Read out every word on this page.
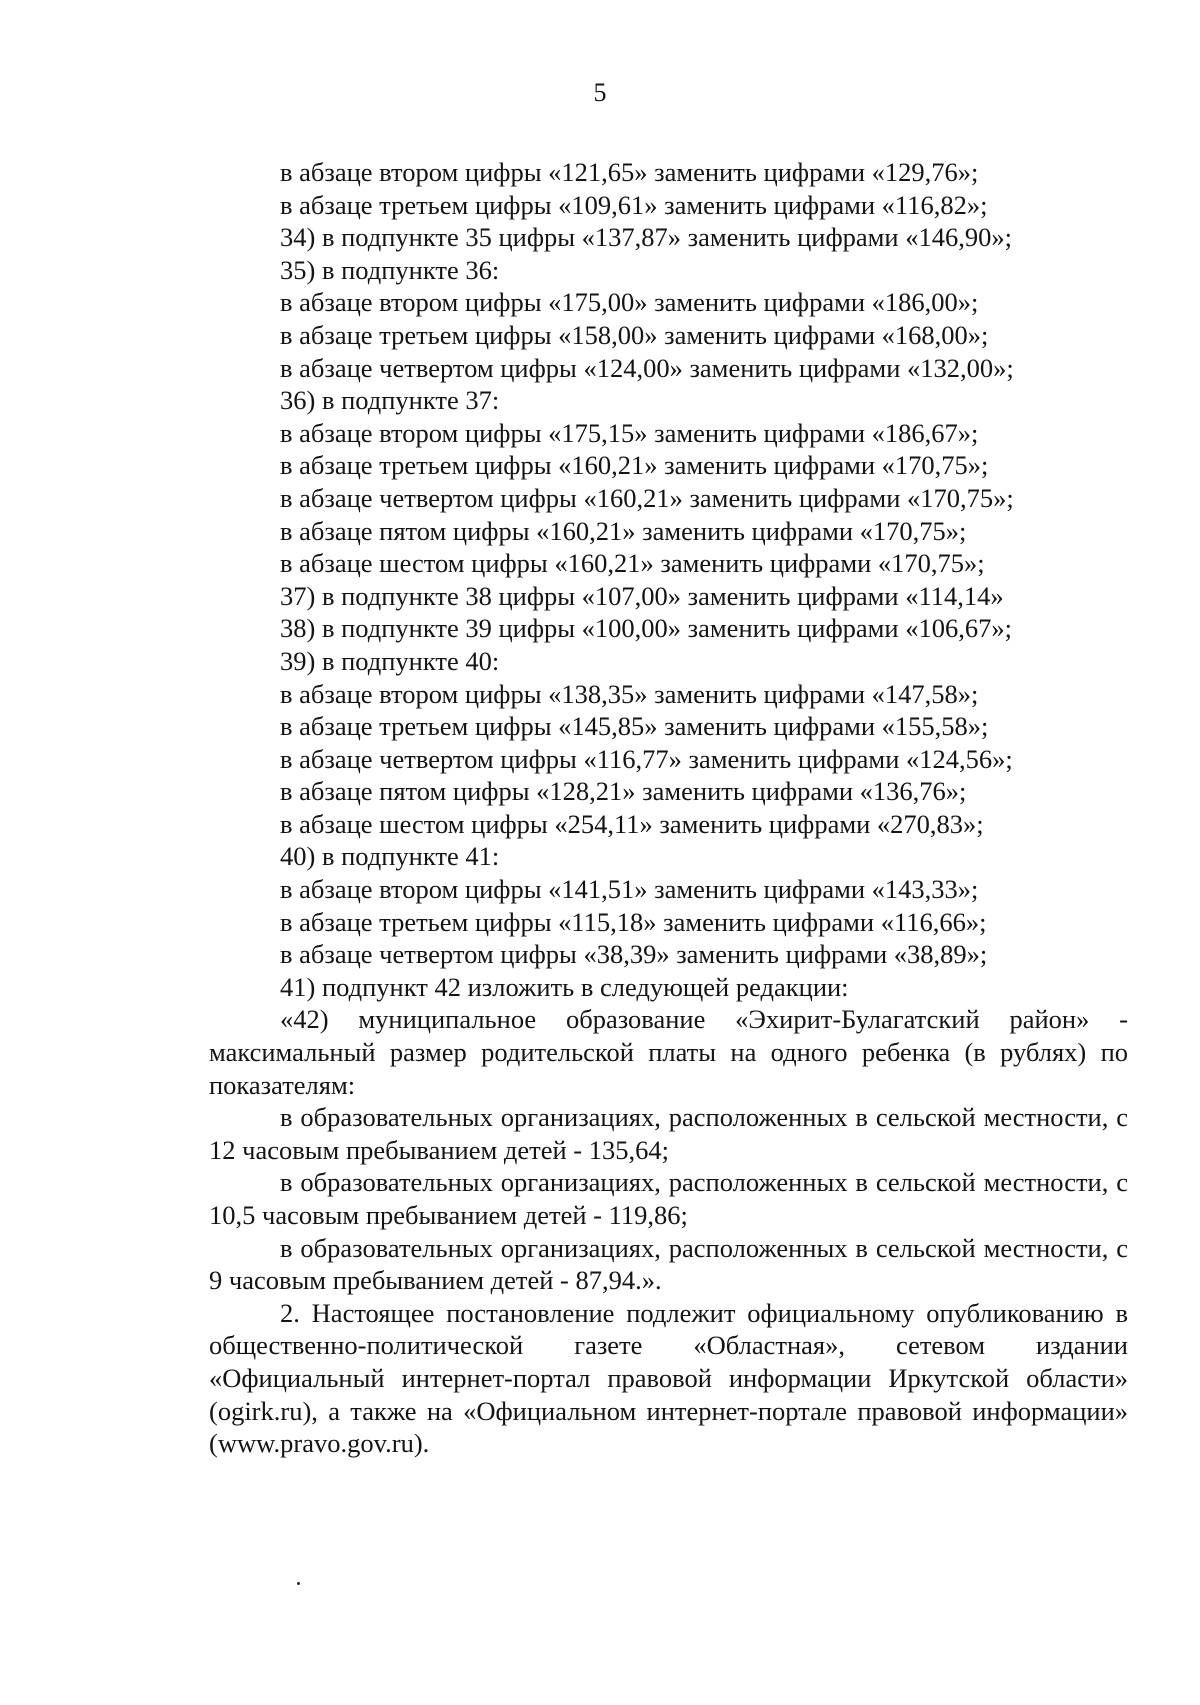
5
в абзаце втором цифры «121,65» заменить цифрами «129,76»;
в абзаце третьем цифры «109,61» заменить цифрами «116,82»;
34) в подпункте 35 цифры «137,87» заменить цифрами «146,90»;
35) в подпункте 36:
в абзаце втором цифры «175,00» заменить цифрами «186,00»;
в абзаце третьем цифры «158,00» заменить цифрами «168,00»;
в абзаце четвертом цифры «124,00» заменить цифрами «132,00»;
36) в подпункте 37:
в абзаце втором цифры «175,15» заменить цифрами «186,67»;
в абзаце третьем цифры «160,21» заменить цифрами «170,75»;
в абзаце четвертом цифры «160,21» заменить цифрами «170,75»;
в абзаце пятом цифры «160,21» заменить цифрами «170,75»;
в абзаце шестом цифры «160,21» заменить цифрами «170,75»;
37) в подпункте 38 цифры «107,00» заменить цифрами «114,14»
38) в подпункте 39 цифры «100,00» заменить цифрами «106,67»;
39) в подпункте 40:
в абзаце втором цифры «138,35» заменить цифрами «147,58»;
в абзаце третьем цифры «145,85» заменить цифрами «155,58»;
в абзаце четвертом цифры «116,77» заменить цифрами «124,56»;
в абзаце пятом цифры «128,21» заменить цифрами «136,76»;
в абзаце шестом цифры «254,11» заменить цифрами «270,83»;
40) в подпункте 41:
в абзаце втором цифры «141,51» заменить цифрами «143,33»;
в абзаце третьем цифры «115,18» заменить цифрами «116,66»;
в абзаце четвертом цифры «38,39» заменить цифрами «38,89»;
41) подпункт 42 изложить в следующей редакции:
«42) муниципальное образование «Эхирит-Булагатский район» - максимальный размер родительской платы на одного ребенка (в рублях) по показателям:
в образовательных организациях, расположенных в сельской местности, с 12 часовым пребыванием детей - 135,64;
в образовательных организациях, расположенных в сельской местности, с 10,5 часовым пребыванием детей - 119,86;
в образовательных организациях, расположенных в сельской местности, с 9 часовым пребыванием детей - 87,94.».
2. Настоящее постановление подлежит официальному опубликованию в общественно-политической газете «Областная», сетевом издании «Официальный интернет-портал правовой информации Иркутской области» (ogirk.ru), а также на «Официальном интернет-портале правовой информации» (www.pravo.gov.ru).
